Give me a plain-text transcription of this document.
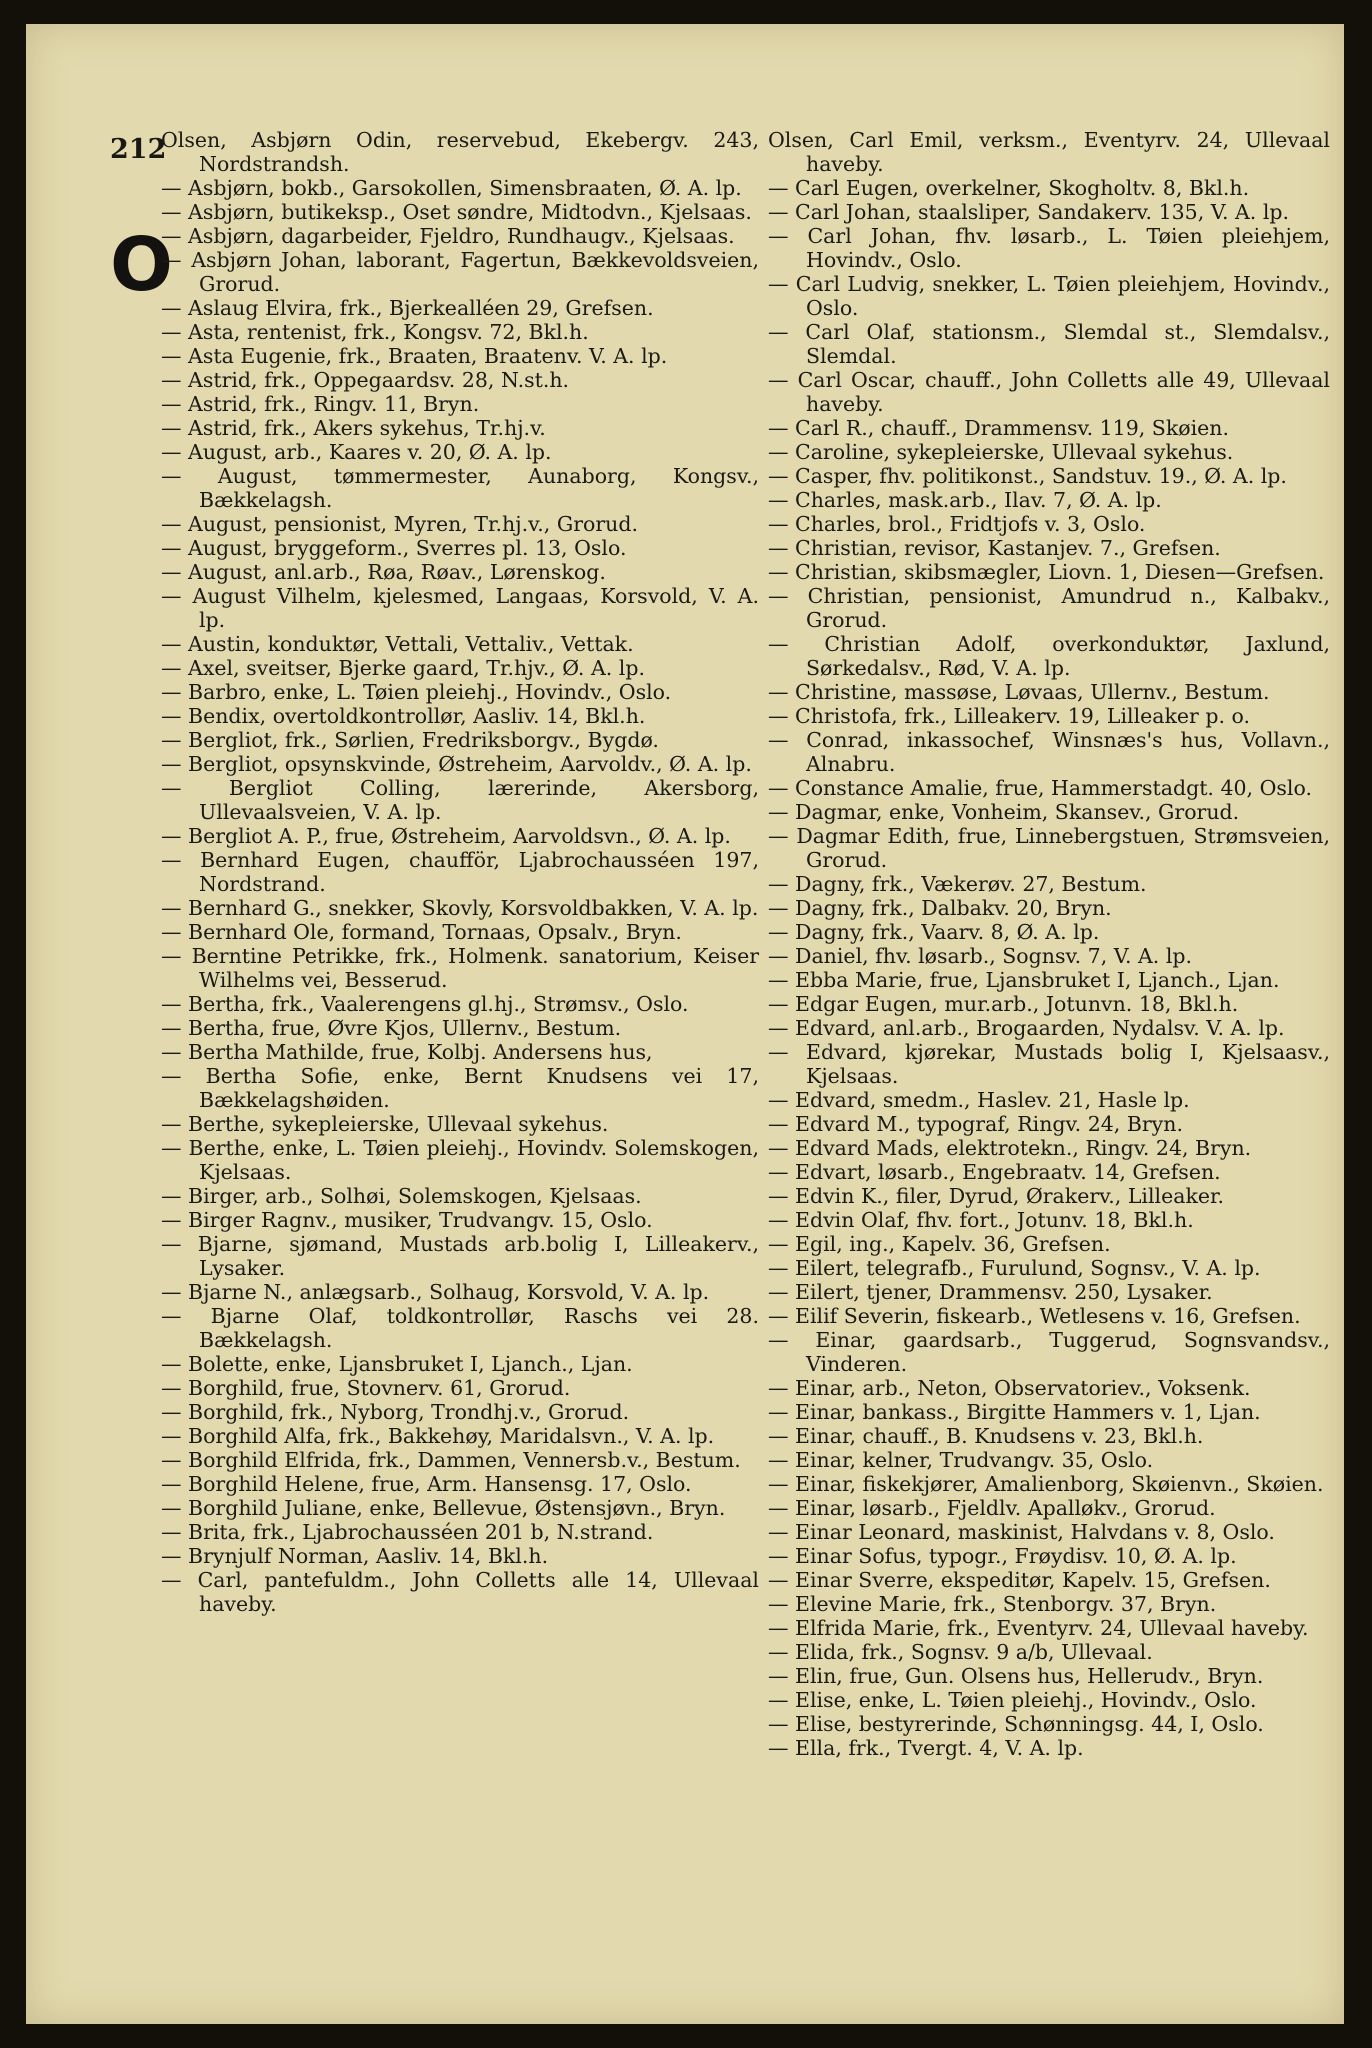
212
O
Olsen, Asbjørn Odin, reservebud, Ekebergv. 243, Nordstrandsh.
— Asbjørn, bokb., Garsokollen, Simensbraaten, Ø. A. lp.
— Asbjørn, butikeksp., Oset søndre, Midtodvn., Kjelsaas.
— Asbjørn, dagarbeider, Fjeldro, Rundhaugv., Kjelsaas.
— Asbjørn Johan, laborant, Fagertun, Bækkevoldsveien, Grorud.
— Aslaug Elvira, frk., Bjerkealléen 29, Grefsen.
— Asta, rentenist, frk., Kongsv. 72, Bkl.h.
— Asta Eugenie, frk., Braaten, Braatenv. V. A. lp.
— Astrid, frk., Oppegaardsv. 28, N.st.h.
— Astrid, frk., Ringv. 11, Bryn.
— Astrid, frk., Akers sykehus, Tr.hj.v.
— August, arb., Kaares v. 20, Ø. A. lp.
— August, tømmermester, Aunaborg, Kongsv., Bækkelagsh.
— August, pensionist, Myren, Tr.hj.v., Grorud.
— August, bryggeform., Sverres pl. 13, Oslo.
— August, anl.arb., Røa, Røav., Lørenskog.
— August Vilhelm, kjelesmed, Langaas, Korsvold, V. A. lp.
— Austin, konduktør, Vettali, Vettaliv., Vettak.
— Axel, sveitser, Bjerke gaard, Tr.hjv., Ø. A. lp.
— Barbro, enke, L. Tøien pleiehj., Hovindv., Oslo.
— Bendix, overtoldkontrollør, Aasliv. 14, Bkl.h.
— Bergliot, frk., Sørlien, Fredriksborgv., Bygdø.
— Bergliot, opsynskvinde, Østreheim, Aarvoldv., Ø. A. lp.
— Bergliot Colling, lærerinde, Akersborg, Ullevaalsveien, V. A. lp.
— Bergliot A. P., frue, Østreheim, Aarvoldsvn., Ø. A. lp.
— Bernhard Eugen, chaufför, Ljabrochausséen 197, Nordstrand.
— Bernhard G., snekker, Skovly, Korsvoldbakken, V. A. lp.
— Bernhard Ole, formand, Tornaas, Opsalv., Bryn.
— Berntine Petrikke, frk., Holmenk. sanatorium, Keiser Wilhelms vei, Besserud.
— Bertha, frk., Vaalerengens gl.hj., Strømsv., Oslo.
— Bertha, frue, Øvre Kjos, Ullernv., Bestum.
— Bertha Mathilde, frue, Kolbj. Andersens hus,
— Bertha Sofie, enke, Bernt Knudsens vei 17, Bækkelagshøiden.
— Berthe, sykepleierske, Ullevaal sykehus.
— Berthe, enke, L. Tøien pleiehj., Hovindv. Solemskogen, Kjelsaas.
— Birger, arb., Solhøi, Solemskogen, Kjelsaas.
— Birger Ragnv., musiker, Trudvangv. 15, Oslo.
— Bjarne, sjømand, Mustads arb.bolig I, Lilleakerv., Lysaker.
— Bjarne N., anlægsarb., Solhaug, Korsvold, V. A. lp.
— Bjarne Olaf, toldkontrollør, Raschs vei 28. Bækkelagsh.
— Bolette, enke, Ljansbruket I, Ljanch., Ljan.
— Borghild, frue, Stovnerv. 61, Grorud.
— Borghild, frk., Nyborg, Trondhj.v., Grorud.
— Borghild Alfa, frk., Bakkehøy, Maridalsvn., V. A. lp.
— Borghild Elfrida, frk., Dammen, Vennersb.v., Bestum.
— Borghild Helene, frue, Arm. Hansensg. 17, Oslo.
— Borghild Juliane, enke, Bellevue, Østensjøvn., Bryn.
— Brita, frk., Ljabrochausséen 201 b, N.strand.
— Brynjulf Norman, Aasliv. 14, Bkl.h.
— Carl, pantefuldm., John Colletts alle 14, Ullevaal haveby.
Olsen, Carl Emil, verksm., Eventyrv. 24, Ullevaal haveby.
— Carl Eugen, overkelner, Skogholtv. 8, Bkl.h.
— Carl Johan, staalsliper, Sandakerv. 135, V. A. lp.
— Carl Johan, fhv. løsarb., L. Tøien pleiehjem, Hovindv., Oslo.
— Carl Ludvig, snekker, L. Tøien pleiehjem, Hovindv., Oslo.
— Carl Olaf, stationsm., Slemdal st., Slemdalsv., Slemdal.
— Carl Oscar, chauff., John Colletts alle 49, Ullevaal haveby.
— Carl R., chauff., Drammensv. 119, Skøien.
— Caroline, sykepleierske, Ullevaal sykehus.
— Casper, fhv. politikonst., Sandstuv. 19., Ø. A. lp.
— Charles, mask.arb., Ilav. 7, Ø. A. lp.
— Charles, brol., Fridtjofs v. 3, Oslo.
— Christian, revisor, Kastanjev. 7., Grefsen.
— Christian, skibsmægler, Liovn. 1, Diesen—Grefsen.
— Christian, pensionist, Amundrud n., Kalbakv., Grorud.
— Christian Adolf, overkonduktør, Jaxlund, Sørkedalsv., Rød, V. A. lp.
— Christine, massøse, Løvaas, Ullernv., Bestum.
— Christofa, frk., Lilleakerv. 19, Lilleaker p. o.
— Conrad, inkassochef, Winsnæs's hus, Vollavn., Alnabru.
— Constance Amalie, frue, Hammerstadgt. 40, Oslo.
— Dagmar, enke, Vonheim, Skansev., Grorud.
— Dagmar Edith, frue, Linnebergstuen, Strømsveien, Grorud.
— Dagny, frk., Vækerøv. 27, Bestum.
— Dagny, frk., Dalbakv. 20, Bryn.
— Dagny, frk., Vaarv. 8, Ø. A. lp.
— Daniel, fhv. løsarb., Sognsv. 7, V. A. lp.
— Ebba Marie, frue, Ljansbruket I, Ljanch., Ljan.
— Edgar Eugen, mur.arb., Jotunvn. 18, Bkl.h.
— Edvard, anl.arb., Brogaarden, Nydalsv. V. A. lp.
— Edvard, kjørekar, Mustads bolig I, Kjelsaasv., Kjelsaas.
— Edvard, smedm., Haslev. 21, Hasle lp.
— Edvard M., typograf, Ringv. 24, Bryn.
— Edvard Mads, elektrotekn., Ringv. 24, Bryn.
— Edvart, løsarb., Engebraatv. 14, Grefsen.
— Edvin K., filer, Dyrud, Ørakerv., Lilleaker.
— Edvin Olaf, fhv. fort., Jotunv. 18, Bkl.h.
— Egil, ing., Kapelv. 36, Grefsen.
— Eilert, telegrafb., Furulund, Sognsv., V. A. lp.
— Eilert, tjener, Drammensv. 250, Lysaker.
— Eilif Severin, fiskearb., Wetlesens v. 16, Grefsen.
— Einar, gaardsarb., Tuggerud, Sognsvandsv., Vinderen.
— Einar, arb., Neton, Observatoriev., Voksenk.
— Einar, bankass., Birgitte Hammers v. 1, Ljan.
— Einar, chauff., B. Knudsens v. 23, Bkl.h.
— Einar, kelner, Trudvangv. 35, Oslo.
— Einar, fiskekjører, Amalienborg, Skøienvn., Skøien.
— Einar, løsarb., Fjeldlv. Apalløkv., Grorud.
— Einar Leonard, maskinist, Halvdans v. 8, Oslo.
— Einar Sofus, typogr., Frøydisv. 10, Ø. A. lp.
— Einar Sverre, ekspeditør, Kapelv. 15, Grefsen.
— Elevine Marie, frk., Stenborgv. 37, Bryn.
— Elfrida Marie, frk., Eventyrv. 24, Ullevaal haveby.
— Elida, frk., Sognsv. 9 a/b, Ullevaal.
— Elin, frue, Gun. Olsens hus, Hellerudv., Bryn.
— Elise, enke, L. Tøien pleiehj., Hovindv., Oslo.
— Elise, bestyrerinde, Schønningsg. 44, I, Oslo.
— Ella, frk., Tvergt. 4, V. A. lp.
